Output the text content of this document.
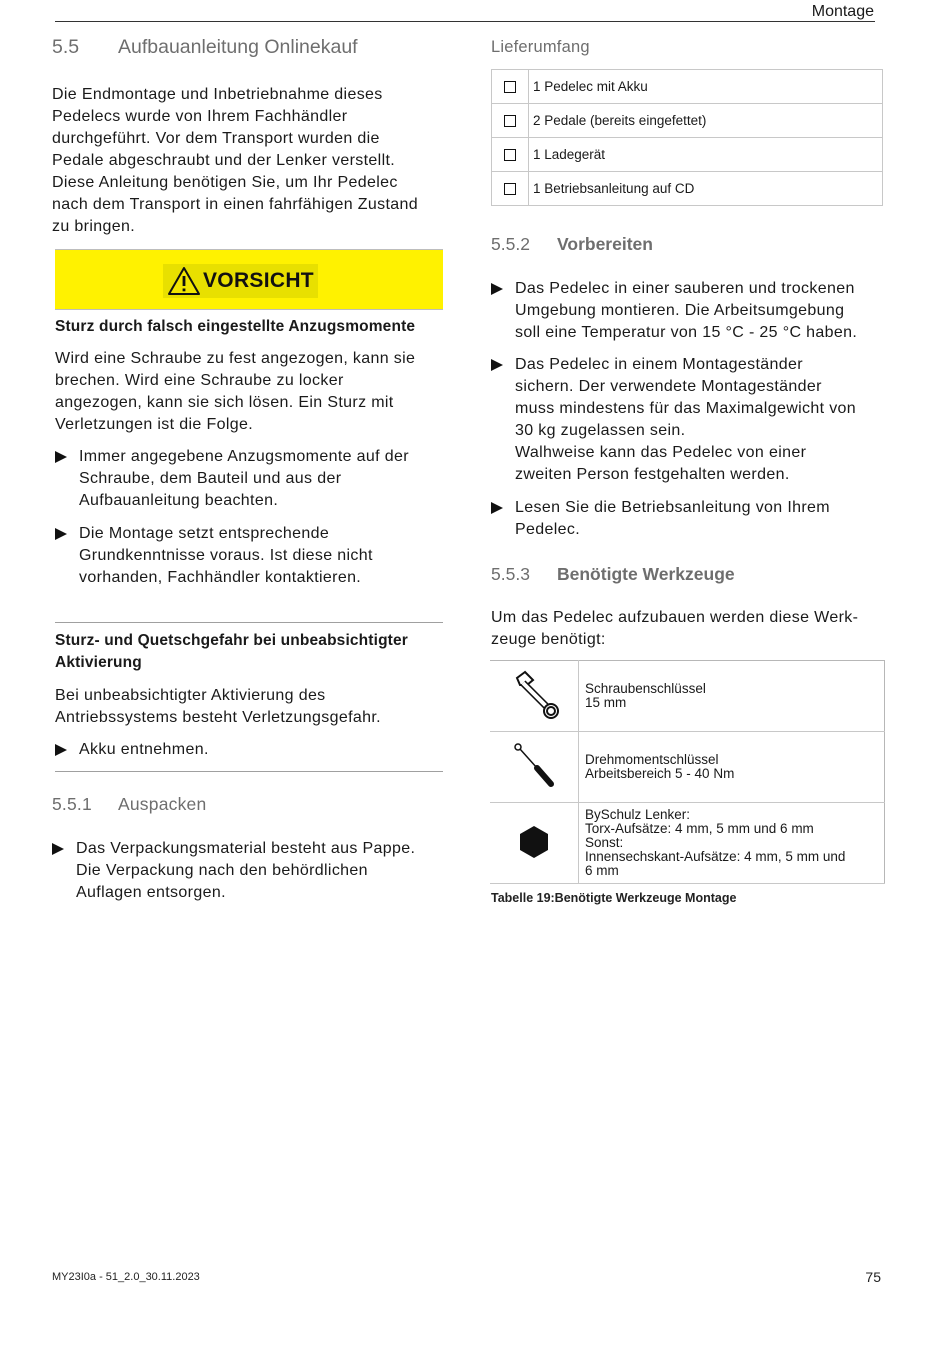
Montage
5.5 Aufbauanleitung Onlinekauf

Die Endmontage und Inbetriebnahme dieses
Pedelecs wurde von Ihrem Fachhändler
durchgeführt. Vor dem Transport wurden die
Pedale abgeschraubt und der Lenker verstellt.
Diese Anleitung benötigen Sie, um Ihr Pedelec
nach dem Transport in einen fahrfähigen Zustand
zu bringen.

VORSICHT

Sturz durch falsch eingestellte Anzugsmomente

Wird eine Schraube zu fest angezogen, kann sie
brechen. Wird eine Schraube zu locker
angezogen, kann sie sich lösen. Ein Sturz mit
Verletzungen ist die Folge.

Immer angegebene Anzugsmomente auf der
Schraube, dem Bauteil und aus der
Aufbauanleitung beachten.
Die Montage setzt entsprechende
Grundkenntnisse voraus. Ist diese nicht
vorhanden, Fachhändler kontaktieren.

Sturz- und Quetschgefahr bei unbeabsichtigter
Aktivierung

Bei unbeabsichtigter Aktivierung des
Antriebssystems besteht Verletzungsgefahr.

Akku entnehmen.
5.5.1 Auspacken
Das Verpackungsmaterial besteht aus Pappe.
Die Verpackung nach den behördlichen
Auflagen entsorgen.
Lieferumfang
	1 Pedelec mit Akku
	2 Pedale (bereits eingefettet)
	1 Ladegerät
	1 Betriebsanleitung auf CD
5.5.2 Vorbereiten
Das Pedelec in einer sauberen und trockenen
Umgebung montieren. Die Arbeitsumgebung
soll eine Temperatur von 15 °C - 25 °C haben.
Das Pedelec in einem Montageständer
sichern. Der verwendete Montageständer
muss mindestens für das Maximalgewicht von
30 kg zugelassen sein.
Walhweise kann das Pedelec von einer
zweiten Person festgehalten werden.
Lesen Sie die Betriebsanleitung von Ihrem
Pedelec.
5.5.3 Benötigte Werkzeuge

Um das Pedelec aufzubauen werden diese Werk-
zeuge benötigt:

Schraubenschlüssel
15 mm

Drehmomentschlüssel
Arbeitsbereich 5 - 40 Nm

BySchulz Lenker:
Torx-Aufsätze: 4 mm, 5 mm und 6 mm
Sonst:
Innensechskant-Aufsätze: 4 mm, 5 mm und
6 mm
Tabelle 19:Benötigte Werkzeuge Montage
MY23I0a - 51_2.0_30.11.2023	75
